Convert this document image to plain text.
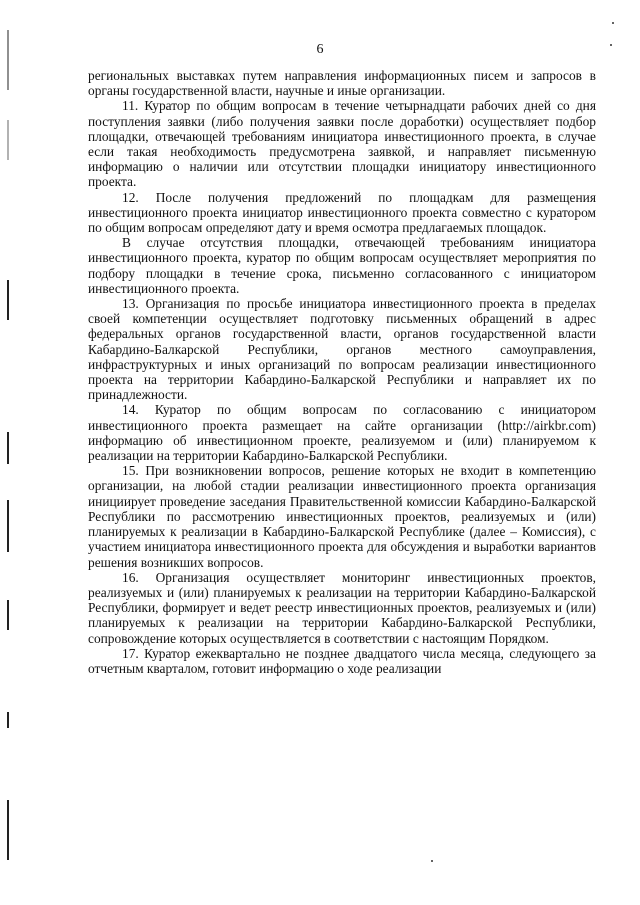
6

региональных выставках путем направления информационных писем и запросов в органы государственной власти, научные и иные организации.

11. Куратор по общим вопросам в течение четырнадцати рабочих дней со дня поступления заявки (либо получения заявки после доработки) осуществляет подбор площадки, отвечающей требованиям инициатора инвестиционного проекта, в случае если такая необходимость предусмотрена заявкой, и направляет письменную информацию о наличии или отсутствии площадки инициатору инвестиционного проекта.

12. После получения предложений по площадкам для размещения инвестиционного проекта инициатор инвестиционного проекта совместно с куратором по общим вопросам определяют дату и время осмотра предлагаемых площадок.

В случае отсутствия площадки, отвечающей требованиям инициатора инвестиционного проекта, куратор по общим вопросам осуществляет мероприятия по подбору площадки в течение срока, письменно согласованного с инициатором инвестиционного проекта.

13. Организация по просьбе инициатора инвестиционного проекта в пределах своей компетенции осуществляет подготовку письменных обращений в адрес федеральных органов государственной власти, органов государственной власти Кабардино-Балкарской Республики, органов местного самоуправления, инфраструктурных и иных организаций по вопросам реализации инвестиционного проекта на территории Кабардино-Балкарской Республики и направляет их по принадлежности.

14. Куратор по общим вопросам по согласованию с инициатором инвестиционного проекта размещает на сайте организации (http://airkbr.com) информацию об инвестиционном проекте, реализуемом и (или) планируемом к реализации на территории Кабардино-Балкарской Республики.

15. При возникновении вопросов, решение которых не входит в компетенцию организации, на любой стадии реализации инвестиционного проекта организация инициирует проведение заседания Правительственной комиссии Кабардино-Балкарской Республики по рассмотрению инвестиционных проектов, реализуемых и (или) планируемых к реализации в Кабардино-Балкарской Республике (далее – Комиссия), с участием инициатора инвестиционного проекта для обсуждения и выработки вариантов решения возникших вопросов.

16. Организация осуществляет мониторинг инвестиционных проектов, реализуемых и (или) планируемых к реализации на территории Кабардино-Балкарской Республики, формирует и ведет реестр инвестиционных проектов, реализуемых и (или) планируемых к реализации на территории Кабардино-Балкарской Республики, сопровождение которых осуществляется в соответствии с настоящим Порядком.

17. Куратор ежеквартально не позднее двадцатого числа месяца, следующего за отчетным кварталом, готовит информацию о ходе реализации
